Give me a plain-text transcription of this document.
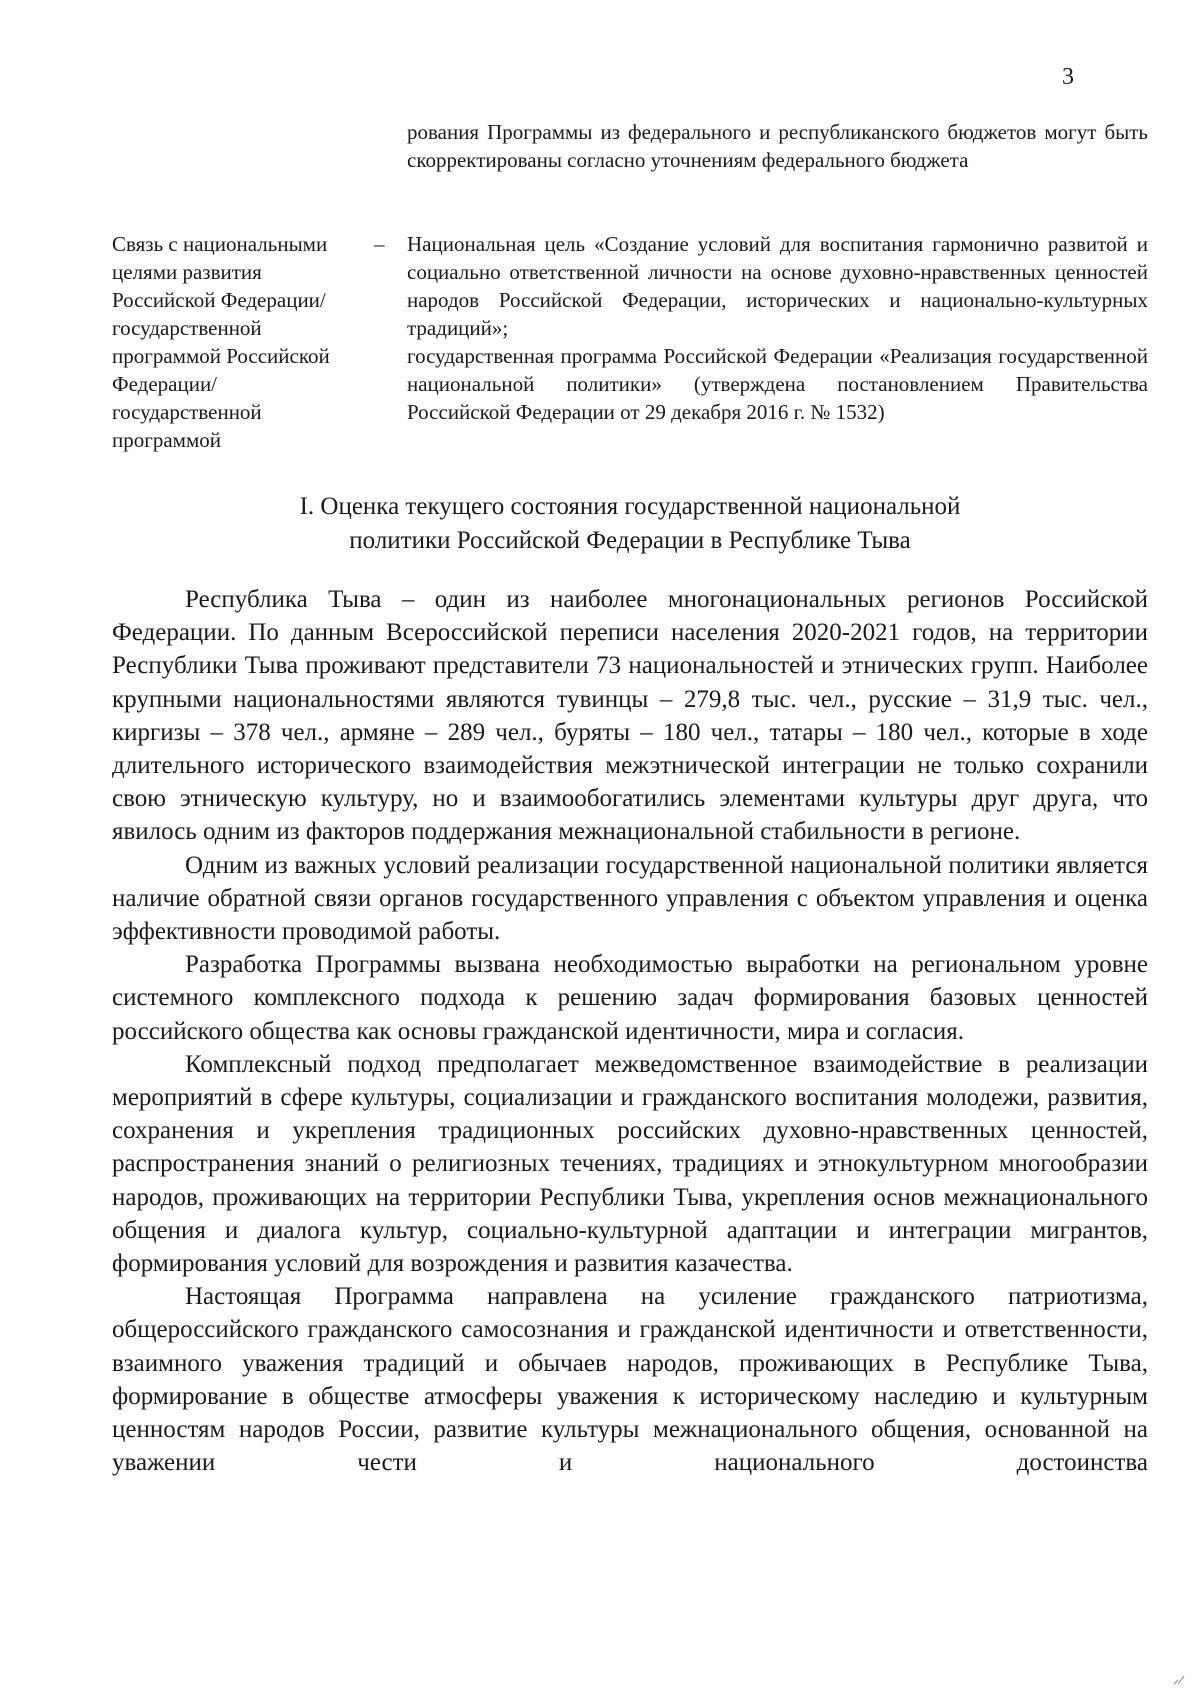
3

рования Программы из федерального и республиканского бюджетов могут быть скорректированы согласно уточнениям федерального бюджета

Связь с национальными целями развития Российской Федерации/государственной программой Российской Федерации/государственной программой
– Национальная цель «Создание условий для воспитания гармонично развитой и социально ответственной личности на основе духовно-нравственных ценностей народов Российской Федерации, исторических и национально-культурных традиций»;

государственная программа Российской Федерации «Реализация государственной национальной политики» (утверждена постановлением Правительства Российской Федерации от 29 декабря 2016 г. № 1532)

I. Оценка текущего состояния государственной национальной
политики Российской Федерации в Республике Тыва

Республика Тыва – один из наиболее многонациональных регионов Российской Федерации. По данным Всероссийской переписи населения 2020-2021 годов, на территории Республики Тыва проживают представители 73 национальностей и этнических групп. Наиболее крупными национальностями являются тувинцы – 279,8 тыс. чел., русские – 31,9 тыс. чел., киргизы – 378 чел., армяне – 289 чел., буряты – 180 чел., татары – 180 чел., которые в ходе длительного исторического взаимодействия межэтнической интеграции не только сохранили свою этническую культуру, но и взаимообогатились элементами культуры друг друга, что явилось одним из факторов поддержания межнациональной стабильности в регионе.

Одним из важных условий реализации государственной национальной политики является наличие обратной связи органов государственного управления с объектом управления и оценка эффективности проводимой работы.

Разработка Программы вызвана необходимостью выработки на региональном уровне системного комплексного подхода к решению задач формирования базовых ценностей российского общества как основы гражданской идентичности, мира и согласия.

Комплексный подход предполагает межведомственное взаимодействие в реализации мероприятий в сфере культуры, социализации и гражданского воспитания молодежи, развития, сохранения и укрепления традиционных российских духовно-нравственных ценностей, распространения знаний о религиозных течениях, традициях и этнокультурном многообразии народов, проживающих на территории Республики Тыва, укрепления основ межнационального общения и диалога культур, социально-культурной адаптации и интеграции мигрантов, формирования условий для возрождения и развития казачества.

Настоящая Программа направлена на усиление гражданского патриотизма, общероссийского гражданского самосознания и гражданской идентичности и ответственности, взаимного уважения традиций и обычаев народов, проживающих в Республике Тыва, формирование в обществе атмосферы уважения к историческому наследию и культурным ценностям народов России, развитие культуры межнационального общения, основанной на уважении чести и национального достоинства
